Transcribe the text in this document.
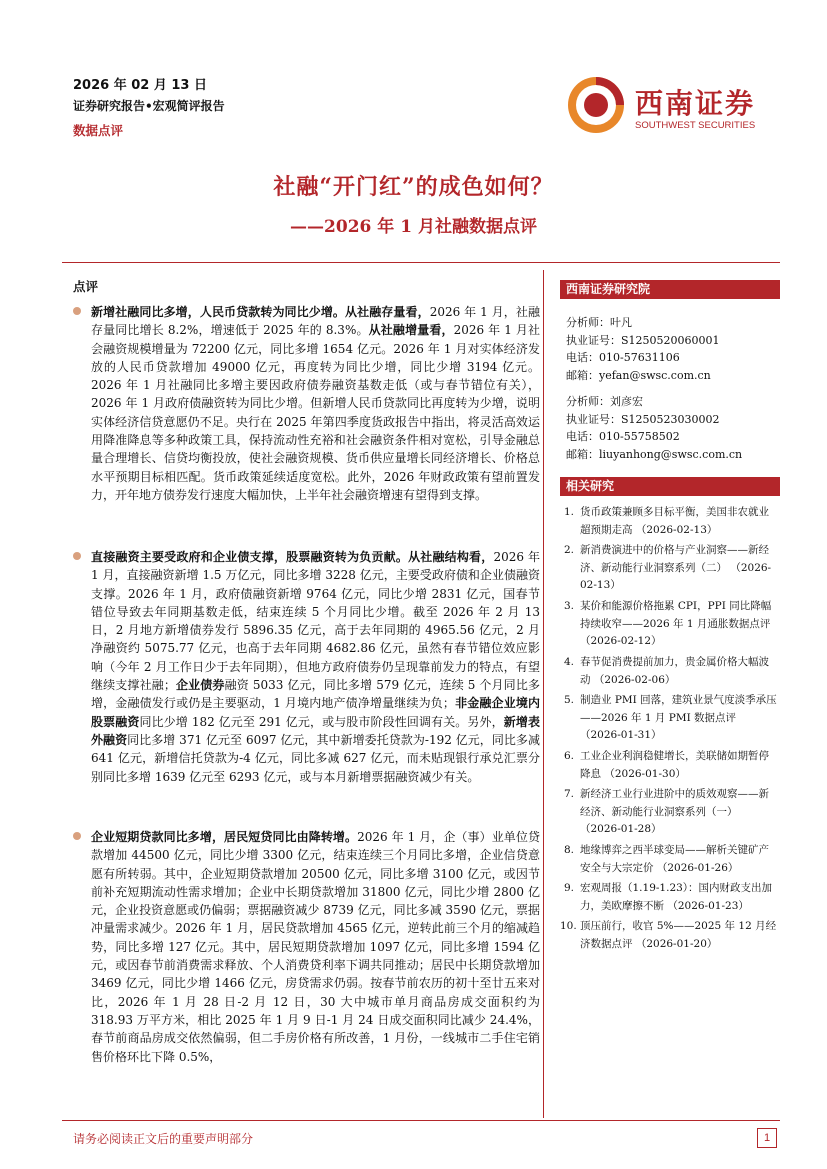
2026 年 02 月 13 日
证券研究报告•宏观简评报告
数据点评
西南证券
SOUTHWEST SECURITIES
社融“开门红”的成色如何？
——2026 年 1 月社融数据点评
点评
新增社融同比多增，人民币贷款转为同比少增。从社融存量看，2026 年 1 月，社融存量同比增长 8.2%，增速低于 2025 年的 8.3%。从社融增量看，2026 年 1 月社会融资规模增量为 72200 亿元，同比多增 1654 亿元。2026 年 1 月对实体经济发放的人民币贷款增加 49000 亿元，再度转为同比少增，同比少增 3194 亿元。2026 年 1 月社融同比多增主要因政府债券融资基数走低（或与春节错位有关），2026 年 1 月政府债融资转为同比少增。但新增人民币贷款同比再度转为少增，说明实体经济信贷意愿仍不足。央行在 2025 年第四季度货政报告中指出，将灵活高效运用降准降息等多种政策工具，保持流动性充裕和社会融资条件相对宽松，引导金融总量合理增长、信贷均衡投放，使社会融资规模、货币供应量增长同经济增长、价格总水平预期目标相匹配。货币政策延续适度宽松。此外，2026 年财政政策有望前置发力，开年地方债券发行速度大幅加快，上半年社会融资增速有望得到支撑。
直接融资主要受政府和企业债支撑，股票融资转为负贡献。从社融结构看，2026 年 1 月，直接融资新增 1.5 万亿元，同比多增 3228 亿元，主要受政府债和企业债融资支撑。2026 年 1 月，政府债融资新增 9764 亿元，同比少增 2831 亿元，国春节错位导致去年同期基数走低，结束连续 5 个月同比少增。截至 2026 年 2 月 13 日，2 月地方新增债券发行 5896.35 亿元，高于去年同期的 4965.56 亿元，2 月净融资约 5075.77 亿元，也高于去年同期 4682.86 亿元，虽然有春节错位效应影响（今年 2 月工作日少于去年同期），但地方政府债券仍呈现靠前发力的特点，有望继续支撑社融；企业债券融资 5033 亿元，同比多增 579 亿元，连续 5 个月同比多增，金融债发行或仍是主要驱动，1 月境内地产债净增量继续为负；非金融企业境内股票融资同比少增 182 亿元至 291 亿元，或与股市阶段性回调有关。另外，新增表外融资同比多增 371 亿元至 6097 亿元，其中新增委托贷款为-192 亿元，同比多减 641 亿元，新增信托贷款为-4 亿元，同比多减 627 亿元，而未贴现银行承兑汇票分别同比多增 1639 亿元至 6293 亿元，或与本月新增票据融资减少有关。
企业短期贷款同比多增，居民短贷同比由降转增。2026 年 1 月，企（事）业单位贷款增加 44500 亿元，同比少增 3300 亿元，结束连续三个月同比多增，企业信贷意愿有所转弱。其中，企业短期贷款增加 20500 亿元，同比多增 3100 亿元，或因节前补充短期流动性需求增加；企业中长期贷款增加 31800 亿元，同比少增 2800 亿元，企业投资意愿或仍偏弱；票据融资减少 8739 亿元，同比多减 3590 亿元，票据冲量需求减少。2026 年 1 月，居民贷款增加 4565 亿元，逆转此前三个月的缩减趋势，同比多增 127 亿元。其中，居民短期贷款增加 1097 亿元，同比多增 1594 亿元，或因春节前消费需求释放、个人消费贷利率下调共同推动；居民中长期贷款增加 3469 亿元，同比少增 1466 亿元，房贷需求仍弱。按春节前农历的初十至廿五来对比，2026 年 1 月 28 日-2 月 12 日，30 大中城市单月商品房成交面积约为 318.93 万平方米，相比 2025 年 1 月 9 日-1 月 24 日成交面积同比减少 24.4%，春节前商品房成交依然偏弱，但二手房价格有所改善，1 月份，一线城市二手住宅销售价格环比下降 0.5%，
西南证券研究院
分析师：叶凡
执业证号：S1250520060001
电话：010-57631106
邮箱：yefan@swsc.com.cn
分析师：刘彦宏
执业证号：S1250523030002
电话：010-55758502
邮箱：liuyanhong@swsc.com.cn
相关研究
1. 货币政策兼顾多目标平衡，美国非农就业超预期走高 （2026-02-13）
2. 新消费演进中的价格与产业洞察——新经济、新动能行业洞察系列（二） （2026-02-13）
3. 某价和能源价格拖累 CPI，PPI 同比降幅持续收窄——2026 年 1 月通胀数据点评 （2026-02-12）
4. 春节促消费提前加力，贵金属价格大幅波动 （2026-02-06）
5. 制造业 PMI 回落，建筑业景气度淡季承压——2026 年 1 月 PMI 数据点评 （2026-01-31）
6. 工业企业利润稳健增长，美联储如期暂停降息 （2026-01-30）
7. 新经济工业行业进阶中的质效观察——新经济、新动能行业洞察系列（一） （2026-01-28）
8. 地缘博弈之西半球变局——解析关键矿产安全与大宗定价 （2026-01-26）
9. 宏观周报（1.19-1.23）：国内财政支出加力，美欧摩擦不断 （2026-01-23）
10. 顶压前行，收官 5%——2025 年 12 月经济数据点评 （2026-01-20）
请务必阅读正文后的重要声明部分	1
